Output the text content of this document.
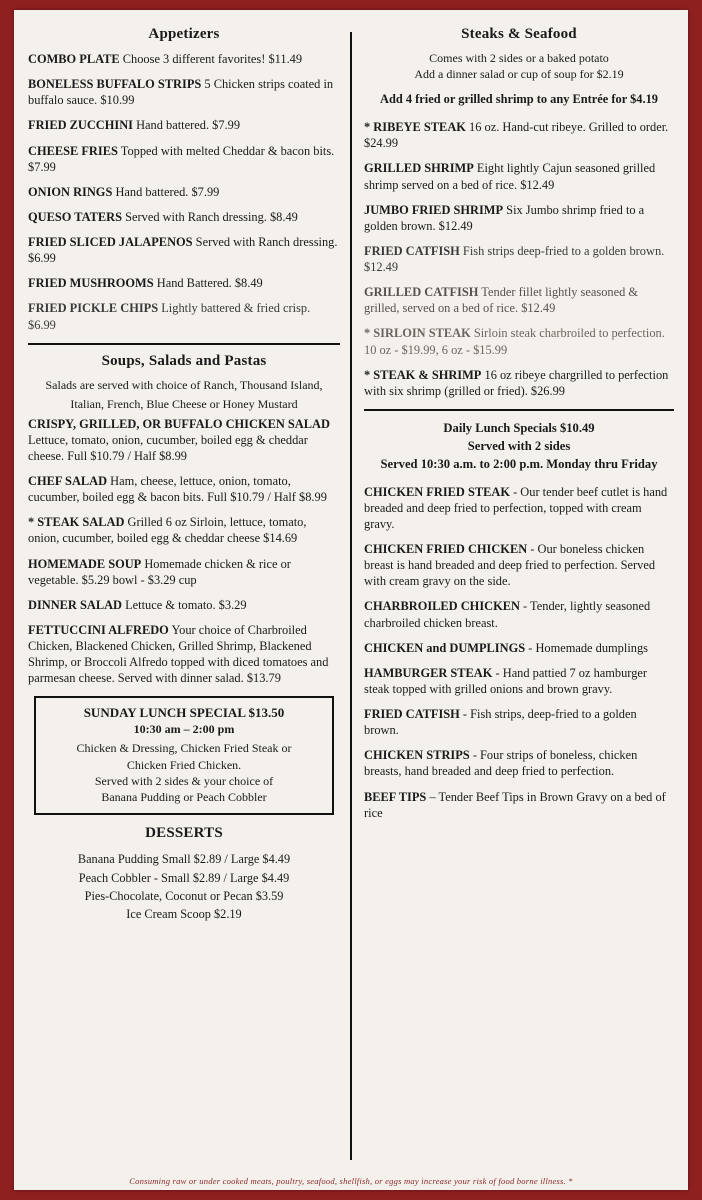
Appetizers
COMBO PLATE Choose 3 different favorites! $11.49
BONELESS BUFFALO STRIPS 5 Chicken strips coated in buffalo sauce. $10.99
FRIED ZUCCHINI Hand battered. $7.99
CHEESE FRIES Topped with melted Cheddar & bacon bits. $7.99
ONION RINGS Hand battered. $7.99
QUESO TATERS Served with Ranch dressing. $8.49
FRIED SLICED JALAPENOS Served with Ranch dressing. $6.99
FRIED MUSHROOMS Hand Battered. $8.49
FRIED PICKLE CHIPS Lightly battered & fried crisp. $6.99
Soups, Salads and Pastas

Salads are served with choice of Ranch, Thousand Island,

Italian, French, Blue Cheese or Honey Mustard

CRISPY, GRILLED, OR BUFFALO CHICKEN SALAD Lettuce, tomato, onion, cucumber, boiled egg & cheddar cheese. Full $10.79 / Half $8.99
CHEF SALAD Ham, cheese, lettuce, onion, tomato, cucumber, boiled egg & bacon bits. Full $10.79 / Half $8.99
* STEAK SALAD Grilled 6 oz Sirloin, lettuce, tomato, onion, cucumber, boiled egg & cheddar cheese $14.69
HOMEMADE SOUP Homemade chicken & rice or vegetable. $5.29 bowl - $3.29 cup
DINNER SALAD Lettuce & tomato. $3.29
FETTUCCINI ALFREDO Your choice of Charbroiled Chicken, Blackened Chicken, Grilled Shrimp, Blackened Shrimp, or Broccoli Alfredo topped with diced tomatoes and parmesan cheese. Served with dinner salad. $13.79
SUNDAY LUNCH SPECIAL $13.50
10:30 am – 2:00 pm
Chicken & Dressing, Chicken Fried Steak or
Chicken Fried Chicken.
Served with 2 sides & your choice of
Banana Pudding or Peach Cobbler
DESSERTS
Banana Pudding Small $2.89 / Large $4.49
Peach Cobbler - Small $2.89 / Large $4.49
Pies-Chocolate, Coconut or Pecan $3.59
Ice Cream Scoop $2.19
Steaks & Seafood
Comes with 2 sides or a baked potato
Add a dinner salad or cup of soup for $2.19
Add 4 fried or grilled shrimp to any Entrée for $4.19
* RIBEYE STEAK 16 oz. Hand-cut ribeye. Grilled to order. $24.99
GRILLED SHRIMP Eight lightly Cajun seasoned grilled shrimp served on a bed of rice. $12.49
JUMBO FRIED SHRIMP Six Jumbo shrimp fried to a golden brown. $12.49
FRIED CATFISH Fish strips deep-fried to a golden brown. $12.49
GRILLED CATFISH Tender fillet lightly seasoned & grilled, served on a bed of rice. $12.49
* SIRLOIN STEAK Sirloin steak charbroiled to perfection. 10 oz - $19.99, 6 oz - $15.99
* STEAK & SHRIMP 16 oz ribeye chargrilled to perfection with six shrimp (grilled or fried). $26.99
Daily Lunch Specials $10.49
Served with 2 sides
Served 10:30 a.m. to 2:00 p.m. Monday thru Friday
CHICKEN FRIED STEAK - Our tender beef cutlet is hand breaded and deep fried to perfection, topped with cream gravy.
CHICKEN FRIED CHICKEN - Our boneless chicken breast is hand breaded and deep fried to perfection. Served with cream gravy on the side.
CHARBROILED CHICKEN - Tender, lightly seasoned charbroiled chicken breast.
CHICKEN and DUMPLINGS - Homemade dumplings
HAMBURGER STEAK - Hand pattied 7 oz hamburger steak topped with grilled onions and brown gravy.
FRIED CATFISH - Fish strips, deep-fried to a golden brown.
CHICKEN STRIPS - Four strips of boneless, chicken breasts, hand breaded and deep fried to perfection.
BEEF TIPS – Tender Beef Tips in Brown Gravy on a bed of rice
Consuming raw or under cooked meats, poultry, seafood, shellfish, or eggs may increase your risk of food borne illness. *
